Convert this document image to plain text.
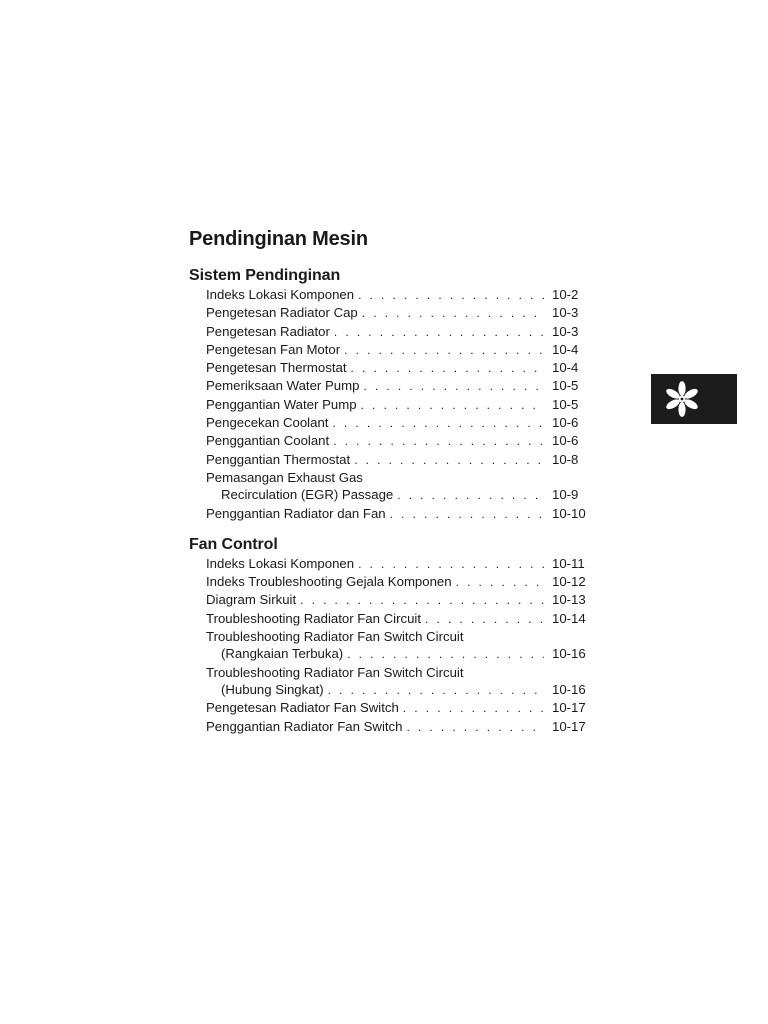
Pendinginan Mesin
Sistem Pendinginan
Indeks Lokasi Komponen . . .	10-2
Pengetesan Radiator Cap . . .	10-3
Pengetesan Radiator . . .	10-3
Pengetesan Fan Motor . . .	10-4
Pengetesan Thermostat . . .	10-4
Pemeriksaan Water Pump . . .	10-5
Penggantian Water Pump . . .	10-5
Pengecekan Coolant . . .	10-6
Penggantian Coolant . . .	10-6
Penggantian Thermostat . . .	10-8
Pemasangan Exhaust Gas
Recirculation (EGR) Passage . . .	10-9
Penggantian Radiator dan Fan . . .	10-10
Fan Control
Indeks Lokasi Komponen . . .	10-11
Indeks Troubleshooting Gejala Komponen . . .	10-12
Diagram Sirkuit . . .	10-13
Troubleshooting Radiator Fan Circuit . . .	10-14
Troubleshooting Radiator Fan Switch Circuit
(Rangkaian Terbuka) . . .	10-16
Troubleshooting Radiator Fan Switch Circuit
(Hubung Singkat) . . .	10-16
Pengetesan Radiator Fan Switch . . .	10-17
Penggantian Radiator Fan Switch . . .	10-17
